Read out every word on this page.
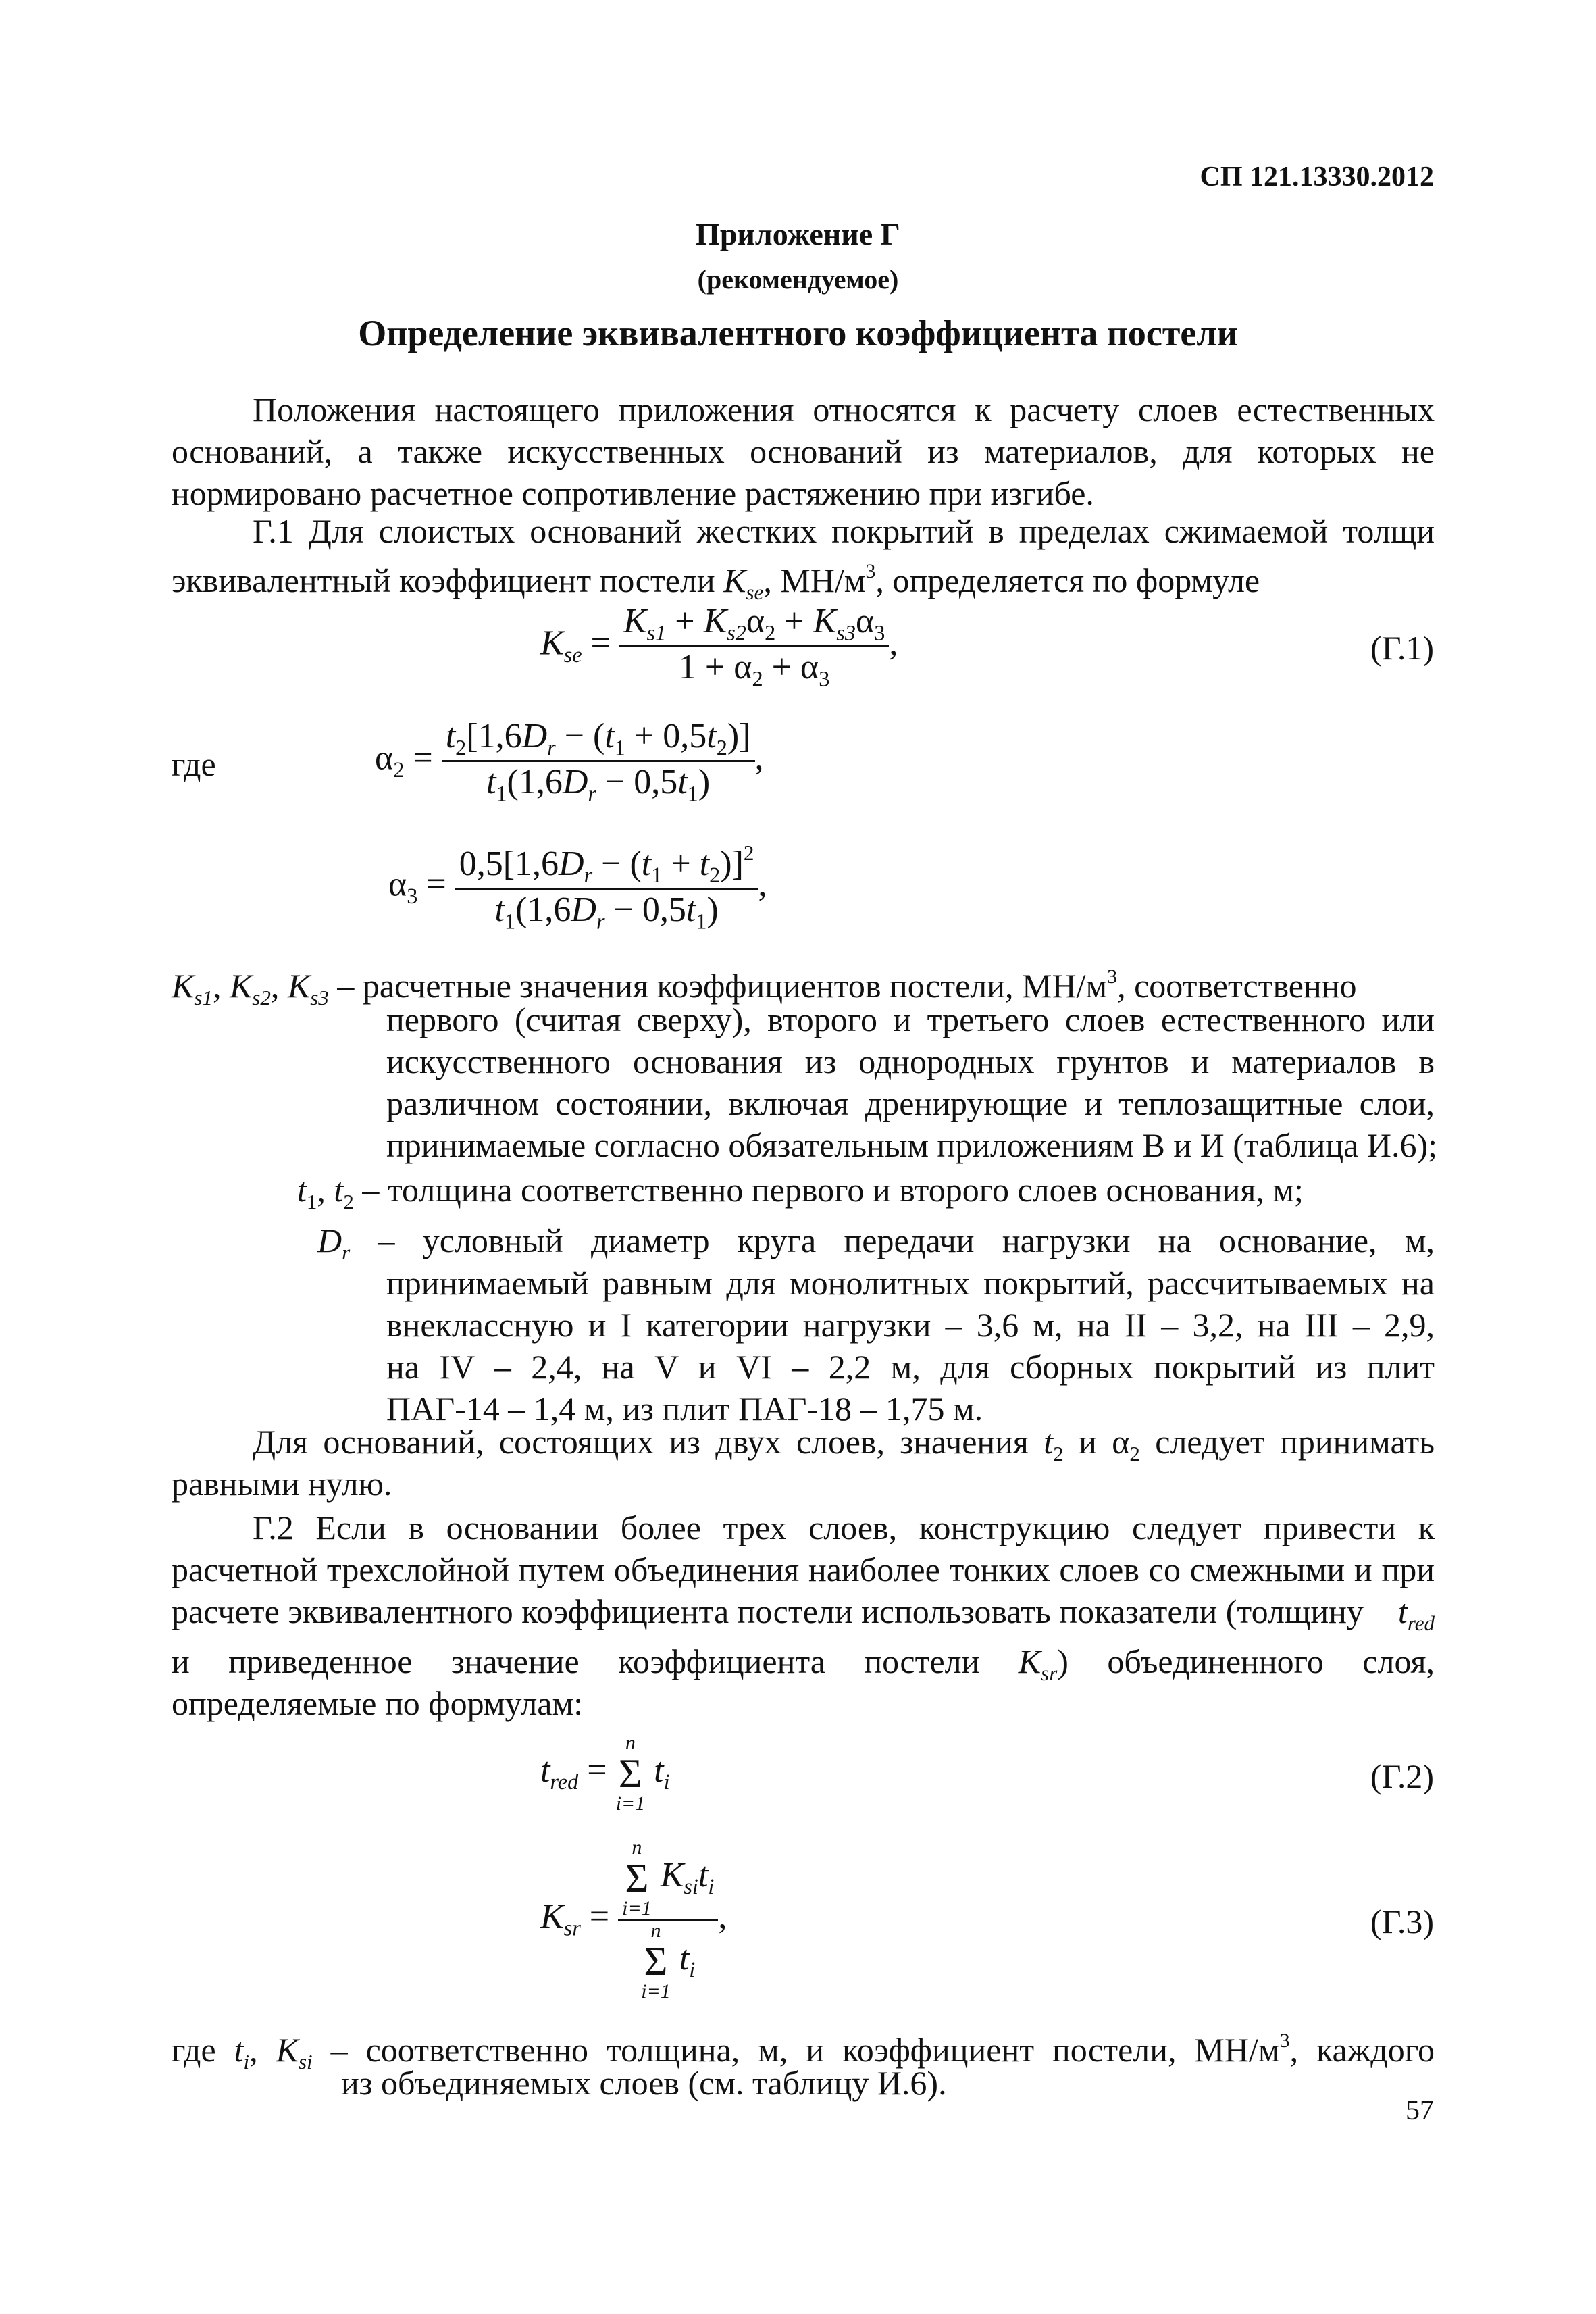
СП 121.13330.2012
Приложение Г
(рекомендуемое)
Определение эквивалентного коэффициента постели
Положения настоящего приложения относятся к расчету слоев естественных оснований, а также искусственных оснований из материалов, для которых не нормировано расчетное сопротивление растяжению при изгибе.
Г.1 Для слоистых оснований жестких покрытий в пределах сжимаемой толщи
эквивалентный коэффициент постели $K_{se}$, $МН/м^3$, определяется по формуле
$K_{se} = \frac{K_{s1} + K_{s2}\alpha_2 + K_{s3}\alpha_3}{1 + \alpha_2 + \alpha_3}$ ,	(Г.1)
где	$\alpha_2 = \frac{t_2[1,6D_r - (t_1 + 0,5t_2)]}{t_1(1,6D_r - 0,5t_1)}$ ,
$\alpha_3 = \frac{0,5[1,6D_r - (t_1 + t_2)]^2}{t_1(1,6D_r - 0,5t_1)}$ ,
$K_{s1}$, $K_{s2}$, $K_{s3}$ – расчетные значения коэффициентов постели, $МН/м^3$, соответственно
первого (считая сверху), второго и третьего слоев естественного или
искусственного основания из однородных грунтов и материалов в
различном состоянии, включая дренирующие и теплозащитные слои,
принимаемые согласно обязательным приложениям В и И (таблица И.6);
$t_1$, $t_2$ – толщина соответственно первого и второго слоев основания, м;
$D_r$ – условный диаметр круга передачи нагрузки на основание, м,
принимаемый равным для монолитных покрытий, рассчитываемых на
внеклассную и I категории нагрузки – 3,6 м, на II – 3,2, на III – 2,9,
на IV – 2,4, на V и VI – 2,2 м, для сборных покрытий из плит
ПАГ-14 – 1,4 м, из плит ПАГ-18 – 1,75 м.
Для оснований, состоящих из двух слоев, значения $t_2$ и $\alpha_2$ следует принимать
равными нулю.
Г.2 Если в основании более трех слоев, конструкцию следует привести к
расчетной трехслойной путем объединения наиболее тонких слоев со смежными и при
расчете эквивалентного коэффициента постели использовать показатели (толщину $t_{red}$
и приведенное значение коэффициента постели $K_{sr}$) объединенного слоя,
определяемые по формулам:
$t_{red}$ =
n
Σ
i=1
$t_i$	(Г.2)
$K_{sr} = n$
Σ
i=1
$K_{si}t_i$
n
Σ
i=1
$t_i$ ,	(Г.3)
где $t_i$, $K_{si}$ – соответственно толщина, м, и коэффициент постели, $МН/м^3$, каждого
из объединяемых слоев (см. таблицу И.6).
57
